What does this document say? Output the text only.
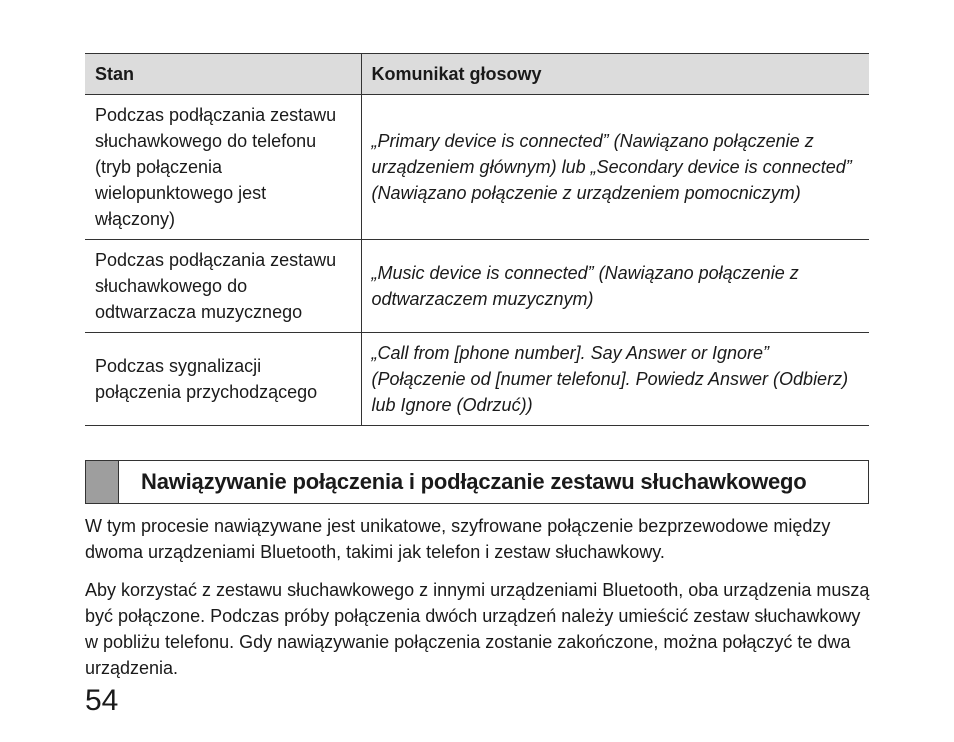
Stan	Komunikat głosowy
Podczas podłączania zestawu słuchawkowego do telefonu (tryb połączenia wielopunktowego jest włączony)	„Primary device is connected” (Nawiązano połączenie z urządzeniem głównym) lub „Secondary device is connected” (Nawiązano połączenie z urządzeniem pomocniczym)
Podczas podłączania zestawu słuchawkowego do odtwarzacza muzycznego	„Music device is connected” (Nawiązano połączenie z odtwarzaczem muzycznym)
Podczas sygnalizacji połączenia przychodzącego	„Call from [phone number]. Say Answer or Ignore” (Połączenie od [numer telefonu]. Powiedz Answer (Odbierz) lub Ignore (Odrzuć))
Nawiązywanie połączenia i podłączanie zestawu słuchawkowego

W tym procesie nawiązywane jest unikatowe, szyfrowane połączenie bezprzewodowe między dwoma urządzeniami Bluetooth, takimi jak telefon i zestaw słuchawkowy.

Aby korzystać z zestawu słuchawkowego z innymi urządzeniami Bluetooth, oba urządzenia muszą być połączone. Podczas próby połączenia dwóch urządzeń należy umieścić zestaw słuchawkowy w pobliżu telefonu. Gdy nawiązywanie połączenia zostanie zakończone, można połączyć te dwa urządzenia.

54
